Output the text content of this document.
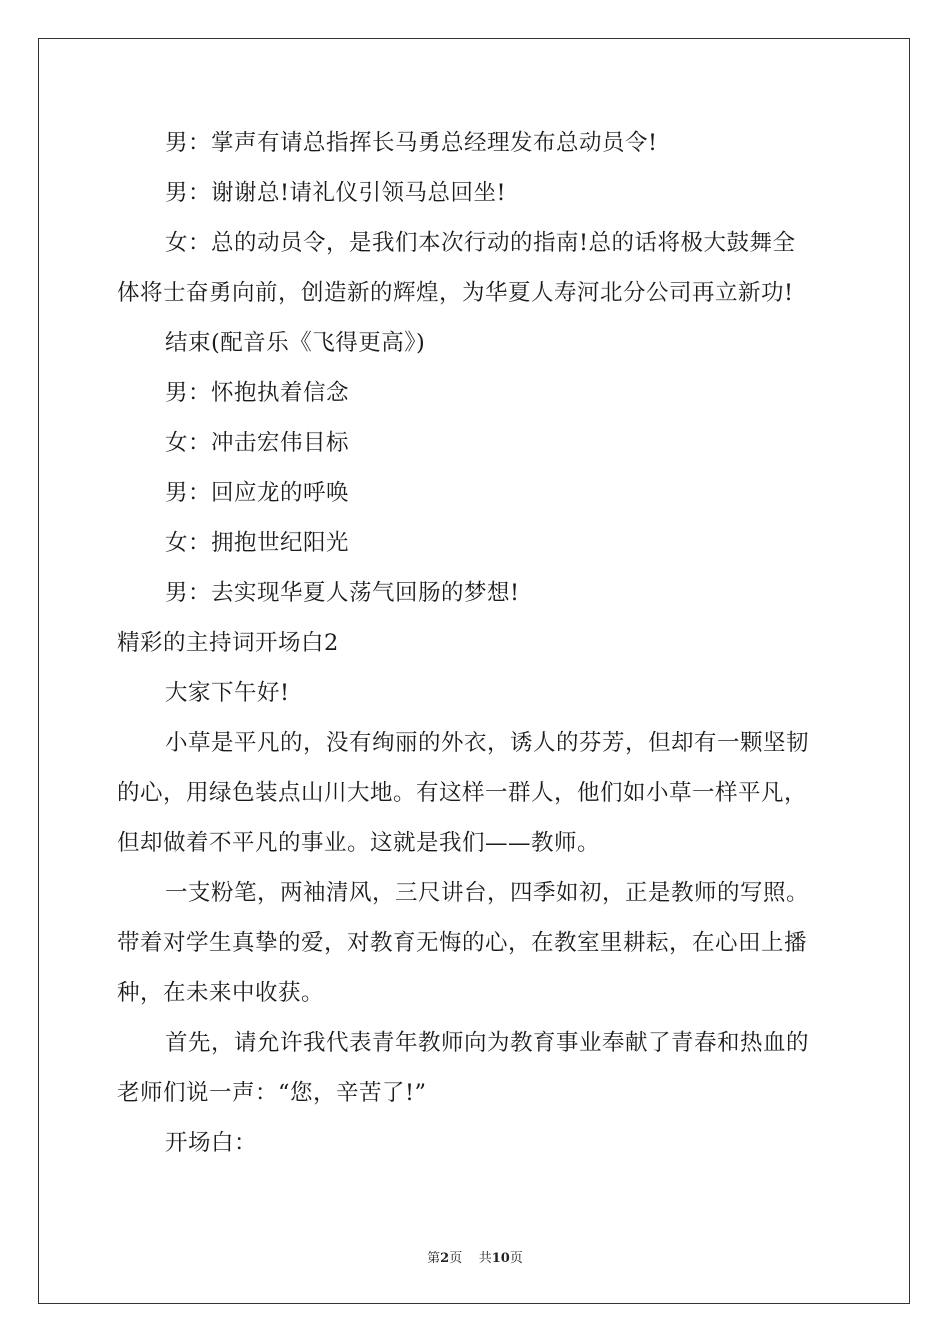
男：掌声有请总指挥长马勇总经理发布总动员令!
男：谢谢总!请礼仪引领马总回坐!
女：总的动员令，是我们本次行动的指南!总的话将极大鼓舞全
体将士奋勇向前，创造新的辉煌，为华夏人寿河北分公司再立新功!
结束(配音乐《飞得更高》)
男：怀抱执着信念
女：冲击宏伟目标
男：回应龙的呼唤
女：拥抱世纪阳光
男：去实现华夏人荡气回肠的梦想!
精彩的主持词开场白2
大家下午好!
小草是平凡的，没有绚丽的外衣，诱人的芬芳，但却有一颗坚韧
的心，用绿色装点山川大地。有这样一群人，他们如小草一样平凡，
但却做着不平凡的事业。这就是我们——教师。
一支粉笔，两袖清风，三尺讲台，四季如初，正是教师的写照。
带着对学生真挚的爱，对教育无悔的心，在教室里耕耘，在心田上播
种，在未来中收获。
首先，请允许我代表青年教师向为教育事业奉献了青春和热血的
老师们说一声：“您，辛苦了!”
开场白：
第2页 共10页
